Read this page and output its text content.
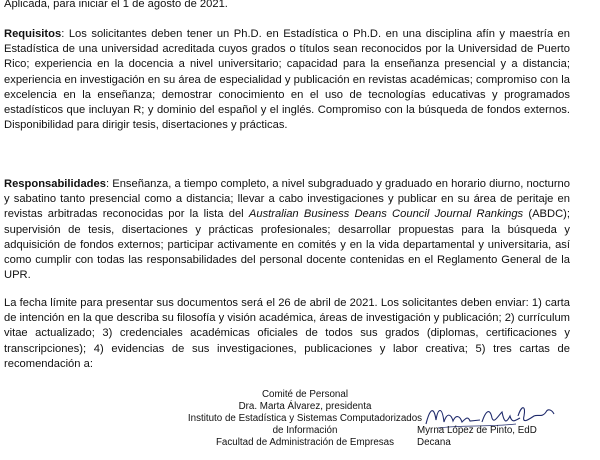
Aplicada, para iniciar el 1 de agosto de 2021.

Requisitos: Los solicitantes deben tener un Ph.D. en Estadística o Ph.D. en una disciplina afín y maestría en Estadística de una universidad acreditada cuyos grados o títulos sean reconocidos por la Universidad de Puerto Rico; experiencia en la docencia a nivel universitario; capacidad para la enseñanza presencial y a distancia; experiencia en investigación en su área de especialidad y publicación en revistas académicas; compromiso con la excelencia en la enseñanza; demostrar conocimiento en el uso de tecnologías educativas y programados estadísticos que incluyan R; y dominio del español y el inglés. Compromiso con la búsqueda de fondos externos. Disponibilidad para dirigir tesis, disertaciones y prácticas.

Responsabilidades: Enseñanza, a tiempo completo, a nivel subgraduado y graduado en horario diurno, nocturno y sabatino tanto presencial como a distancia; llevar a cabo investigaciones y publicar en su área de peritaje en revistas arbitradas reconocidas por la lista del Australian Business Deans Council Journal Rankings (ABDC); supervisión de tesis, disertaciones y prácticas profesionales; desarrollar propuestas para la búsqueda y adquisición de fondos externos; participar activamente en comités y en la vida departamental y universitaria, así como cumplir con todas las responsabilidades del personal docente contenidas en el Reglamento General de la UPR.

La fecha límite para presentar sus documentos será el 26 de abril de 2021. Los solicitantes deben enviar: 1) carta de intención en la que describa su filosofía y visión académica, áreas de investigación y publicación; 2) currículum vitae actualizado; 3) credenciales académicas oficiales de todos sus grados (diplomas, certificaciones y transcripciones); 4) evidencias de sus investigaciones, publicaciones y labor creativa; 5) tres cartas de recomendación a:

Comité de Personal
Dra. Marta Álvarez, presidenta
Instituto de Estadística y Sistemas Computadorizados
de Información
Facultad de Administración de Empresas
Myrna López de Pinto, EdD
Decana
